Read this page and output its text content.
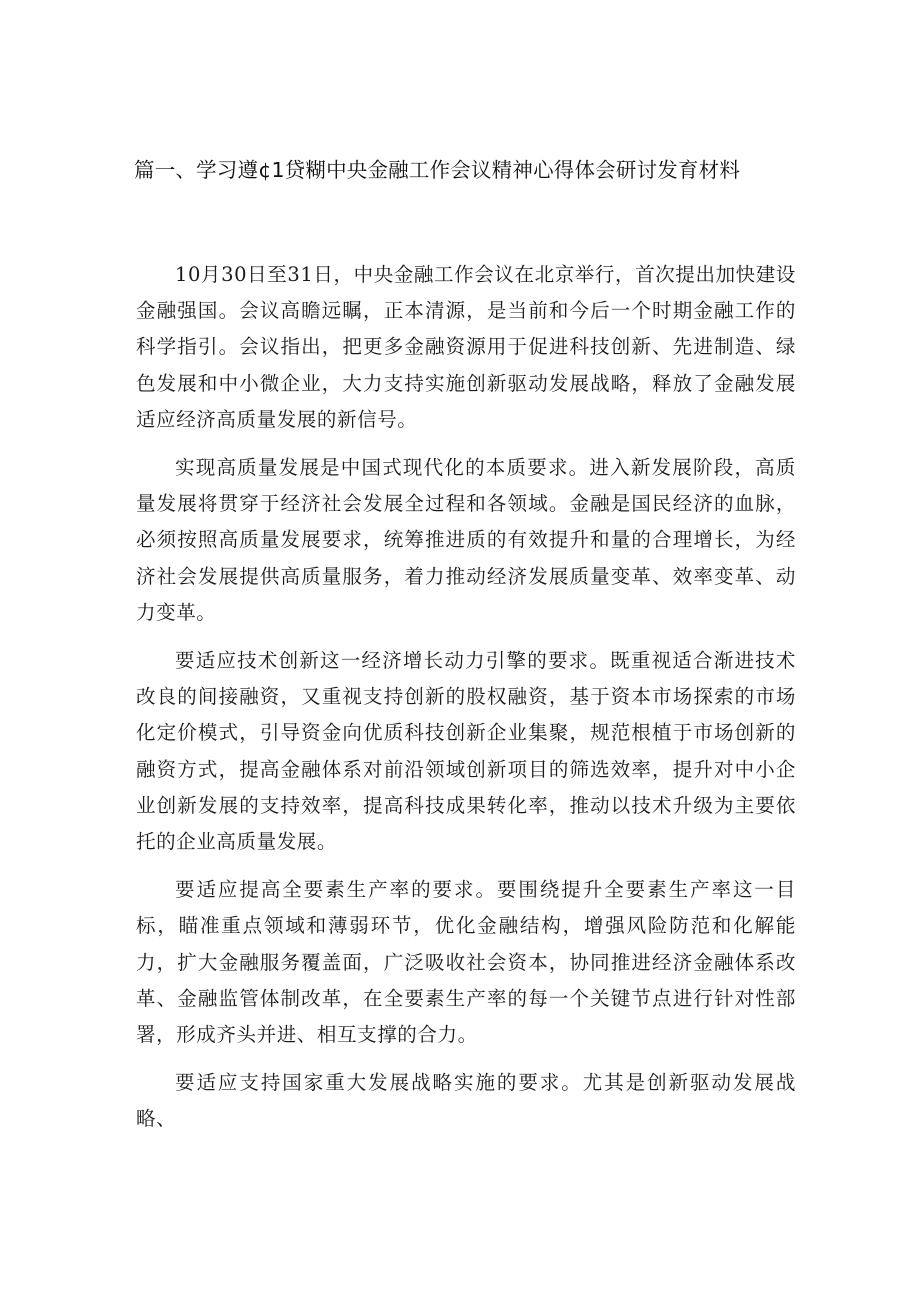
篇一、学习遵¢1贷糊中央金融工作会议精神心得体会研讨发育材料

10月30日至31日，中央金融工作会议在北京举行，首次提出加快建设金融强国。会议高瞻远瞩，正本清源，是当前和今后一个时期金融工作的科学指引。会议指出，把更多金融资源用于促进科技创新、先进制造、绿色发展和中小微企业，大力支持实施创新驱动发展战略，释放了金融发展适应经济高质量发展的新信号。

实现高质量发展是中国式现代化的本质要求。进入新发展阶段，高质量发展将贯穿于经济社会发展全过程和各领域。金融是国民经济的血脉，必须按照高质量发展要求，统筹推进质的有效提升和量的合理增长，为经济社会发展提供高质量服务，着力推动经济发展质量变革、效率变革、动力变革。

要适应技术创新这一经济增长动力引擎的要求。既重视适合渐进技术改良的间接融资，又重视支持创新的股权融资，基于资本市场探索的市场化定价模式，引导资金向优质科技创新企业集聚，规范根植于市场创新的融资方式，提高金融体系对前沿领域创新项目的筛选效率，提升对中小企业创新发展的支持效率，提高科技成果转化率，推动以技术升级为主要依托的企业高质量发展。

要适应提高全要素生产率的要求。要围绕提升全要素生产率这一目标，瞄准重点领域和薄弱环节，优化金融结构，增强风险防范和化解能力，扩大金融服务覆盖面，广泛吸收社会资本，协同推进经济金融体系改革、金融监管体制改革，在全要素生产率的每一个关键节点进行针对性部署，形成齐头并进、相互支撑的合力。

要适应支持国家重大发展战略实施的要求。尤其是创新驱动发展战略、
